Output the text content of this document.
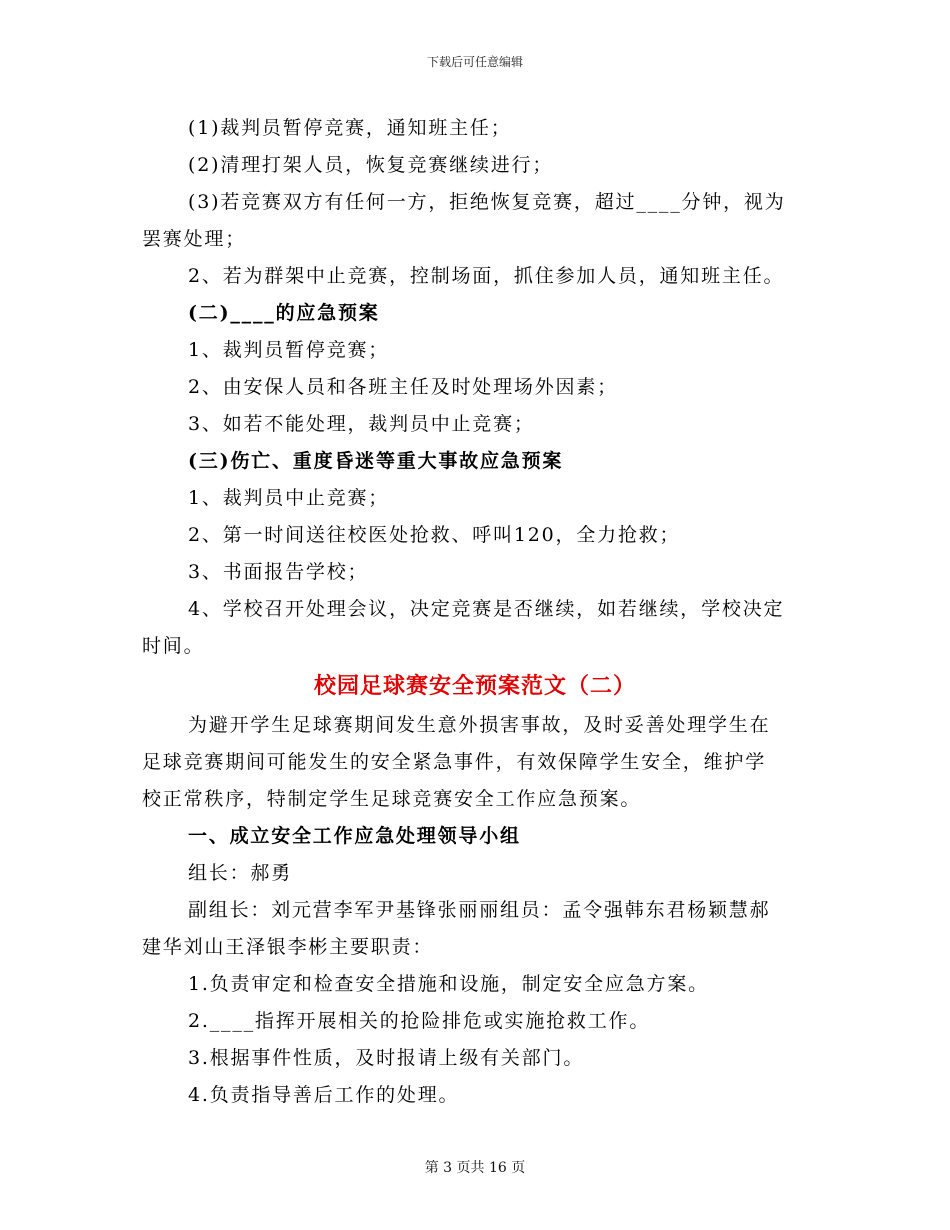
下载后可任意编辑
(1)裁判员暂停竞赛，通知班主任；
(2)清理打架人员，恢复竞赛继续进行；
(3)若竞赛双方有任何一方，拒绝恢复竞赛，超过____分钟，视为
罢赛处理；
2、若为群架中止竞赛，控制场面，抓住参加人员，通知班主任。
(二)____的应急预案
1、裁判员暂停竞赛；
2、由安保人员和各班主任及时处理场外因素；
3、如若不能处理，裁判员中止竞赛；
(三)伤亡、重度昏迷等重大事故应急预案
1、裁判员中止竞赛；
2、第一时间送往校医处抢救、呼叫120，全力抢救；
3、书面报告学校；
4、学校召开处理会议，决定竞赛是否继续，如若继续，学校决定
时间。
校园足球赛安全预案范文（二）
为避开学生足球赛期间发生意外损害事故，及时妥善处理学生在
足球竞赛期间可能发生的安全紧急事件，有效保障学生安全，维护学
校正常秩序，特制定学生足球竞赛安全工作应急预案。
一、成立安全工作应急处理领导小组
组长：郝勇
副组长：刘元营李军尹基锋张丽丽组员：孟令强韩东君杨颖慧郝
建华刘山王泽银李彬主要职责：
1.负责审定和检查安全措施和设施，制定安全应急方案。
2.____指挥开展相关的抢险排危或实施抢救工作。
3.根据事件性质，及时报请上级有关部门。
4.负责指导善后工作的处理。
第 3 页共 16 页
